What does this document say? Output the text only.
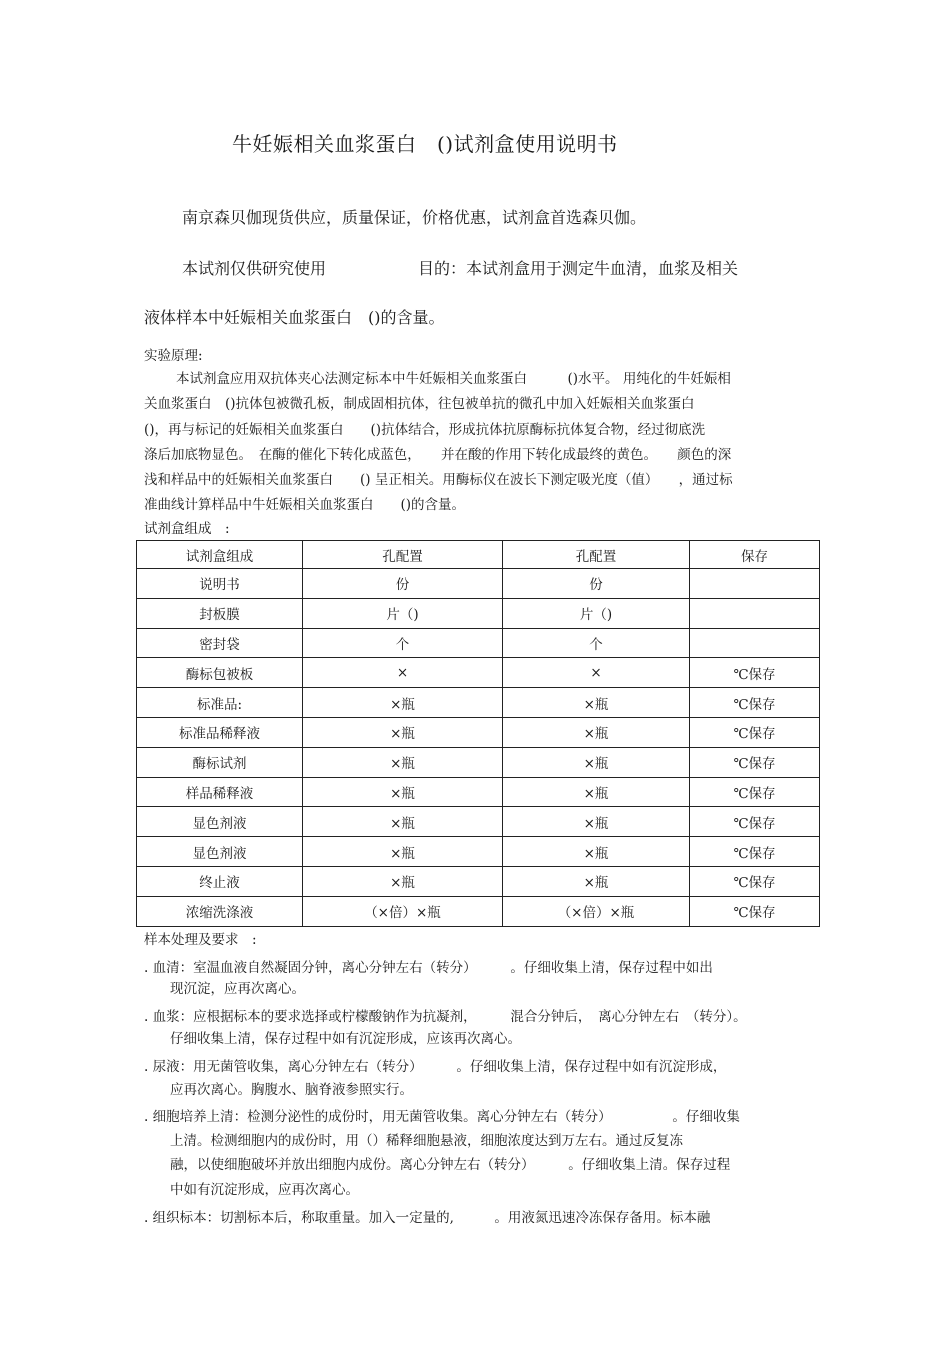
牛妊娠相关血浆蛋白　()试剂盒使用说明书
南京森贝伽现货供应，质量保证，价格优惠，试剂盒首选森贝伽。
本试剂仅供研究使用	目的：本试剂盒用于测定牛血清，血浆及相关
液体样本中妊娠相关血浆蛋白　()的含量。
实验原理:
本试剂盒应用双抗体夹心法测定标本中牛妊娠相关血浆蛋白　　　()水平。 用纯化的牛妊娠相
关血浆蛋白　()抗体包被微孔板，制成固相抗体，往包被单抗的微孔中加入妊娠相关血浆蛋白
()，再与标记的妊娠相关血浆蛋白　　()抗体结合，形成抗体抗原酶标抗体复合物，经过彻底洗
涤后加底物显色。　在酶的催化下转化成蓝色，　　并在酸的作用下转化成最终的黄色。　　颜色的深
浅和样品中的妊娠相关血浆蛋白　　() 呈正相关。用酶标仪在波长下测定吸光度（值）　　，通过标
准曲线计算样品中牛妊娠相关血浆蛋白　　()的含量。
试剂盒组成　:
试剂盒组成	孔配置	孔配置	保存
说明书	份	份	
封板膜	片（)	片（)	
密封袋	个	个	
酶标包被板	×	×	℃保存
标准品:	×瓶	×瓶	℃保存
标准品稀释液	×瓶	×瓶	℃保存
酶标试剂	×瓶	×瓶	℃保存
样品稀释液	×瓶	×瓶	℃保存
显色剂液	×瓶	×瓶	℃保存
显色剂液	×瓶	×瓶	℃保存
终止液	×瓶	×瓶	℃保存
浓缩洗涤液	（×倍）×瓶	（×倍）×瓶	℃保存
样本处理及要求　:
. 血清：室温血液自然凝固分钟，离心分钟左右（转分）　　　。仔细收集上清，保存过程中如出
现沉淀，应再次离心。
. 血浆：应根据标本的要求选择或柠檬酸钠作为抗凝剂，　　　混合分钟后，　离心分钟左右　（转分）。
仔细收集上清，保存过程中如有沉淀形成，应该再次离心。
. 尿液：用无菌管收集，离心分钟左右（转分）　　　。仔细收集上清，保存过程中如有沉淀形成，
应再次离心。胸腹水、脑脊液参照实行。
. 细胞培养上清：检测分泌性的成份时，用无菌管收集。离心分钟左右（转分）　　　　　。仔细收集
上清。检测细胞内的成份时，用（）稀释细胞悬液，细胞浓度达到万左右。通过反复冻
融，以使细胞破坏并放出细胞内成份。离心分钟左右（转分）　　　。仔细收集上清。保存过程
中如有沉淀形成，应再次离心。
. 组织标本：切割标本后，称取重量。加入一定量的,　　　。用液氮迅速冷冻保存备用。标本融
